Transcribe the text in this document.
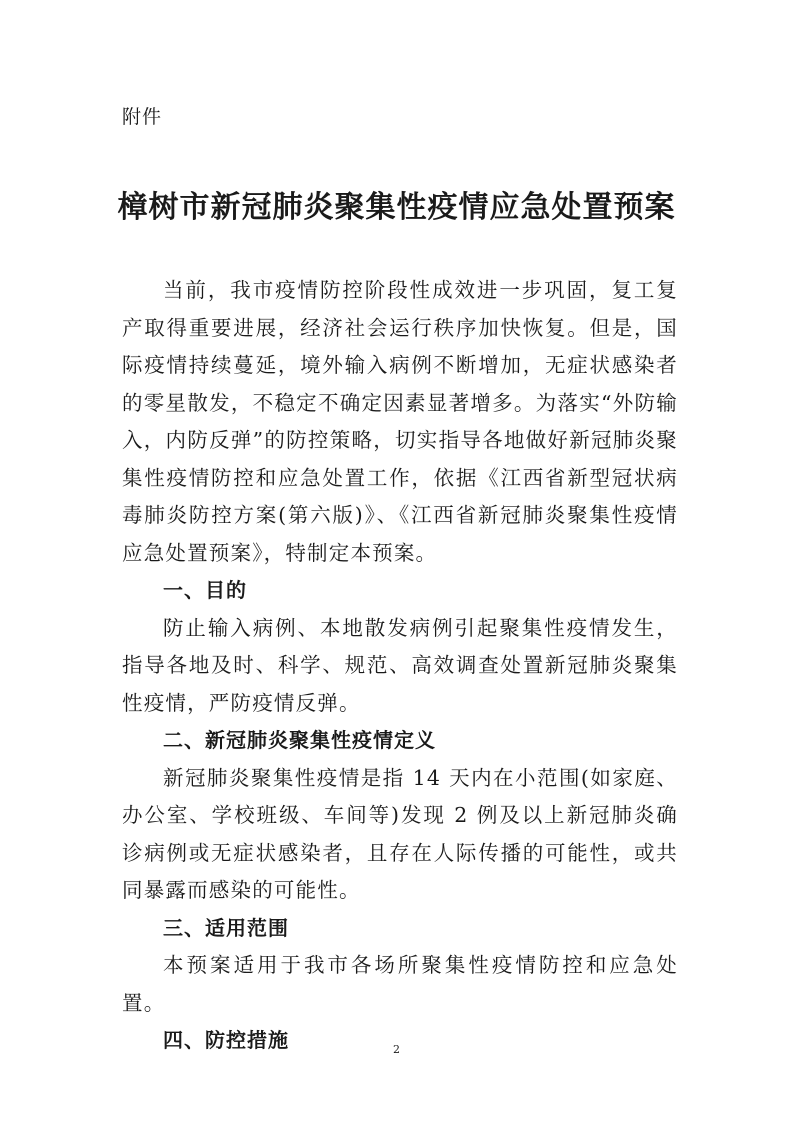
附件
樟树市新冠肺炎聚集性疫情应急处置预案

当前，我市疫情防控阶段性成效进一步巩固，复工复产取得重要进展，经济社会运行秩序加快恢复。但是，国际疫情持续蔓延，境外输入病例不断增加，无症状感染者的零星散发，不稳定不确定因素显著增多。为落实“外防输入，内防反弹”的防控策略，切实指导各地做好新冠肺炎聚集性疫情防控和应急处置工作，依据《江西省新型冠状病毒肺炎防控方案(第六版)》、《江西省新冠肺炎聚集性疫情应急处置预案》，特制定本预案。

一、目的

防止输入病例、本地散发病例引起聚集性疫情发生，指导各地及时、科学、规范、高效调查处置新冠肺炎聚集性疫情，严防疫情反弹。

二、新冠肺炎聚集性疫情定义

新冠肺炎聚集性疫情是指 14 天内在小范围(如家庭、办公室、学校班级、车间等)发现 2 例及以上新冠肺炎确诊病例或无症状感染者，且存在人际传播的可能性，或共同暴露而感染的可能性。

三、适用范围

本预案适用于我市各场所聚集性疫情防控和应急处置。

四、防控措施	2
